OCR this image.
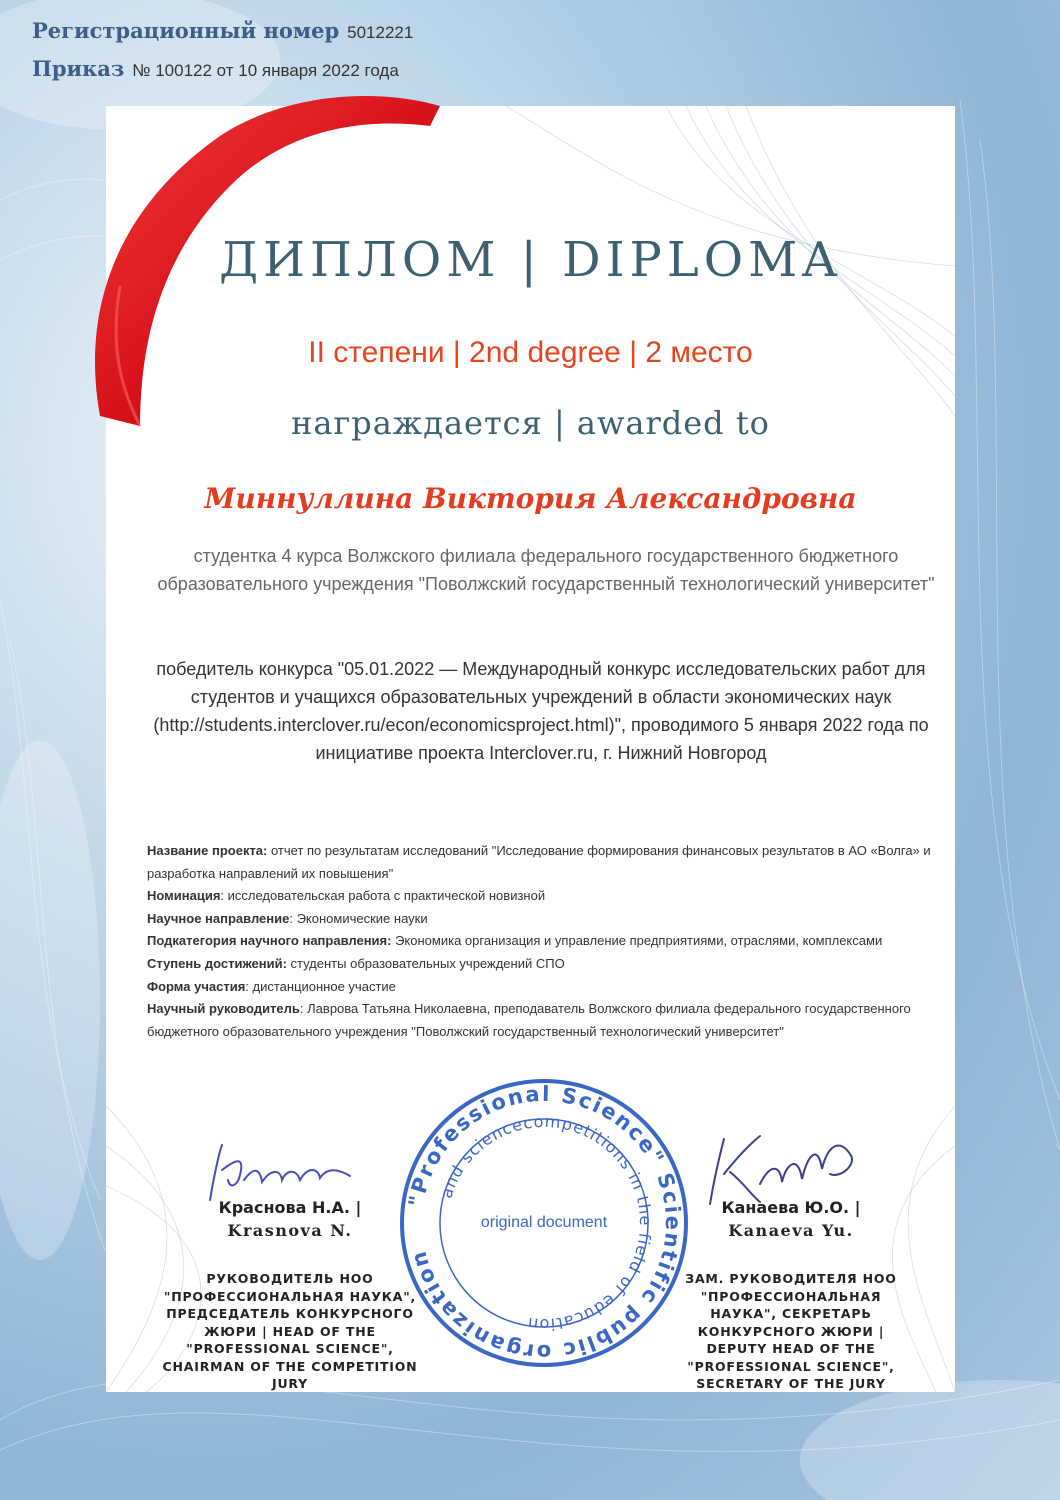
Регистрационный номер 5012221
Приказ № 100122 от 10 января 2022 года
ДИПЛОМ | DIPLOMA
II степени | 2nd degree | 2 место
награждается | awarded to
Миннуллина Виктория Александровна
студентка 4 курса Волжского филиала федерального государственного бюджетного образовательного учреждения "Поволжский государственный технологический университет"
победитель конкурса "05.01.2022 — Международный конкурс исследовательских работ для студентов и учащихся образовательных учреждений в области экономических наук (http://students.interclover.ru/econ/economicsproject.html)", проводимого 5 января 2022 года по инициативе проекта Interclover.ru, г. Нижний Новгород
Название проекта: отчет по результатам исследований "Исследование формирования финансовых результатов в АО «Волга» и разработка направлений их повышения"
Номинация: исследовательская работа с практической новизной
Научное направление: Экономические науки
Подкатегория научного направления: Экономика организация и управление предприятиями, отраслями, комплексами
Ступень достижений: студенты образовательных учреждений СПО
Форма участия: дистанционное участие
Научный руководитель: Лаврова Татьяна Николаевна, преподаватель Волжского филиала федерального государственного бюджетного образовательного учреждения "Поволжский государственный технологический университет"
Краснова Н.А. |
Krasnova N.
РУКОВОДИТЕЛЬ НОО "ПРОФЕССИОНАЛЬНАЯ НАУКА", ПРЕДСЕДАТЕЛЬ КОНКУРСНОГО ЖЮРИ | HEAD OF THE "PROFESSIONAL SCIENCE", CHAIRMAN OF THE COMPETITION JURY
Канаева Ю.О. |
Kanaeva Yu.
ЗАМ. РУКОВОДИТЕЛЯ НОО "ПРОФЕССИОНАЛЬНАЯ НАУКА", СЕКРЕТАРЬ КОНКУРСНОГО ЖЮРИ | DEPUTY HEAD OF THE "PROFESSIONAL SCIENCE", SECRETARY OF THE JURY
"Professional Science" Scientific public organization
and sciencecompetitions in the field of education
original document
